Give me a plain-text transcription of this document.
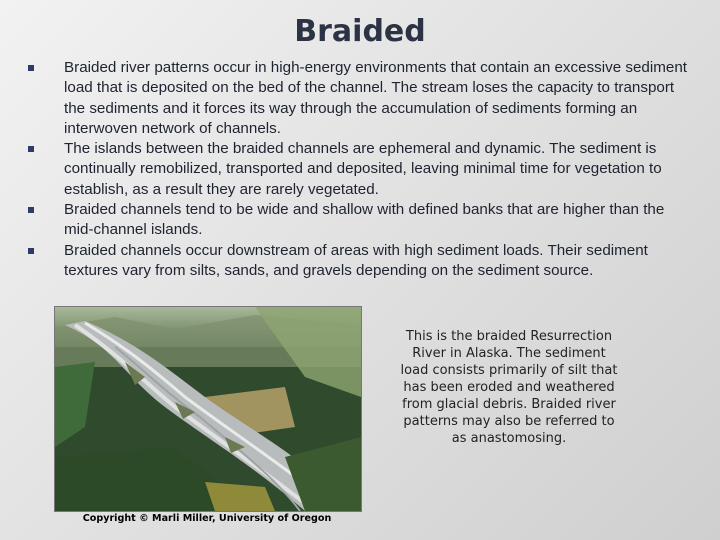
Braided
Braided river patterns occur in high-energy environments that contain an excessive sediment load that is deposited on the bed of the channel. The stream loses the capacity to transport the sediments and it forces its way through the accumulation of sediments forming an interwoven network of channels.
The islands between the braided channels are ephemeral and dynamic. The sediment is continually remobilized, transported and deposited, leaving minimal time for vegetation to establish, as a result they are rarely vegetated.
Braided channels tend to be wide and shallow with defined banks that are higher than the mid-channel islands.
Braided channels occur downstream of areas with high sediment loads. Their sediment textures vary from silts, sands, and gravels depending on the sediment source.
Copyright © Marli Miller, University of Oregon
This is the braided Resurrection River in Alaska. The sediment load consists primarily of silt that has been eroded and weathered from glacial debris. Braided river patterns may also be referred to as anastomosing.
